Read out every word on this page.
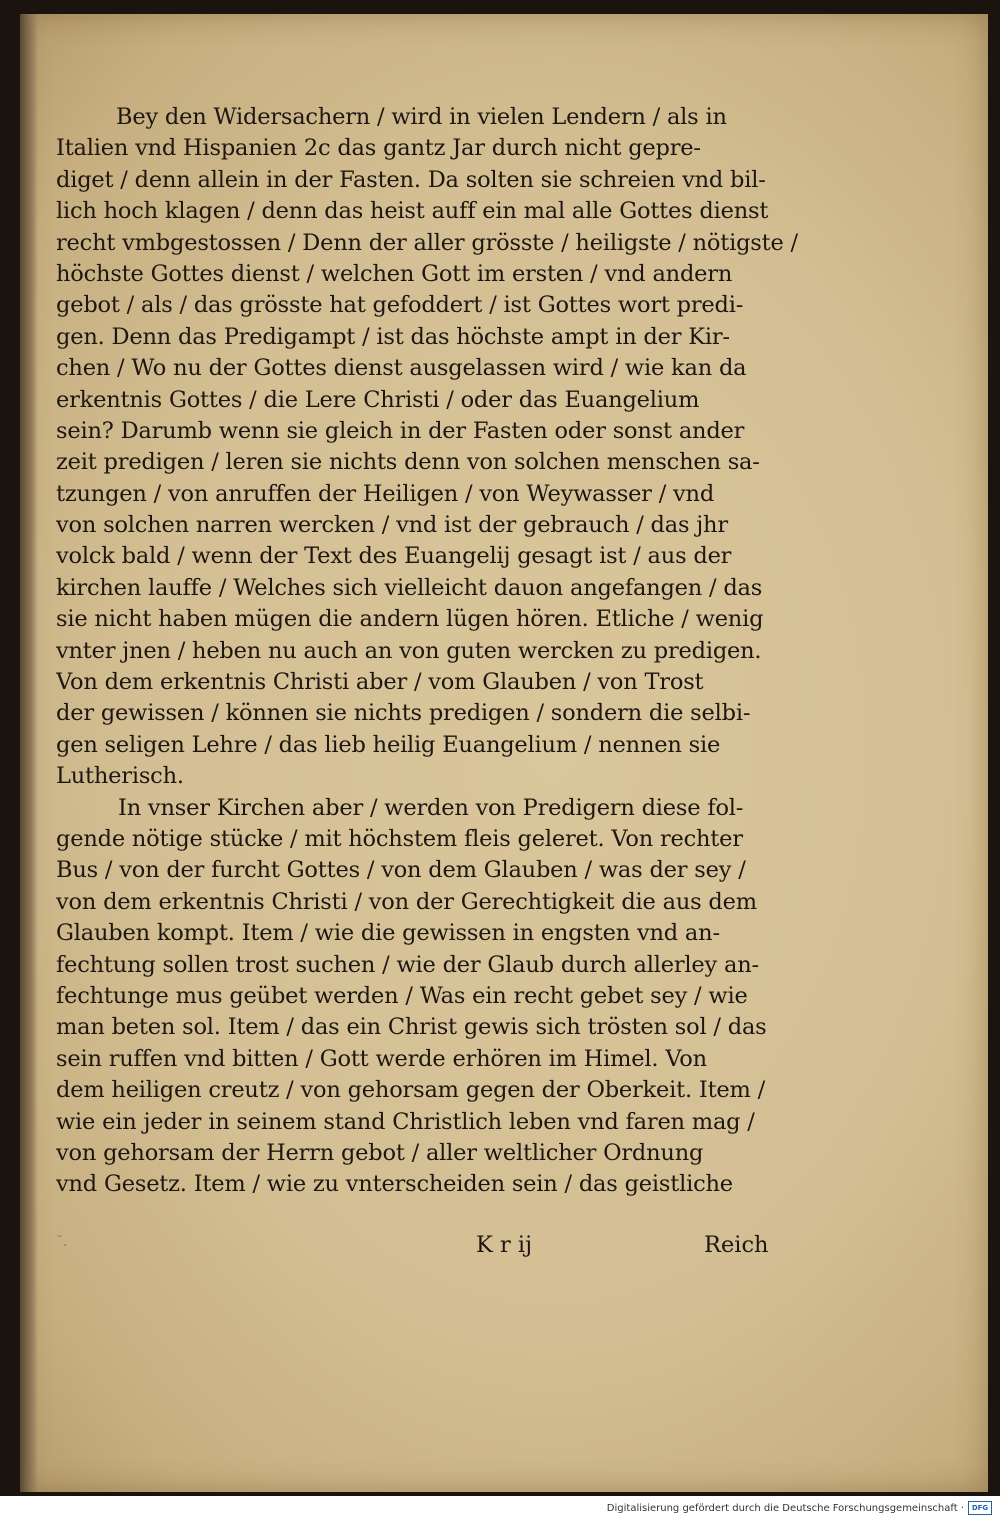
Bey den Widersachern / wird in vielen Lendern / als in
Italien vnd Hispanien 2c das gantz Jar durch nicht gepre-
diget / denn allein in der Fasten. Da solten sie schreien vnd bil-
lich hoch klagen / denn das heist auff ein mal alle Gottes dienst
recht vmbgestossen / Denn der aller grösste / heiligste / nötigste /
höchste Gottes dienst / welchen Gott im ersten / vnd andern
gebot / als / das grösste hat gefoddert / ist Gottes wort predi-
gen. Denn das Predigampt / ist das höchste ampt in der Kir-
chen / Wo nu der Gottes dienst ausgelassen wird / wie kan da
erkentnis Gottes / die Lere Christi / oder das Euangelium
sein? Darumb wenn sie gleich in der Fasten oder sonst ander
zeit predigen / leren sie nichts denn von solchen menschen sa-
tzungen / von anruffen der Heiligen / von Weywasser / vnd
von solchen narren wercken / vnd ist der gebrauch / das jhr
volck bald / wenn der Text des Euangelij gesagt ist / aus der
kirchen lauffe / Welches sich vielleicht dauon angefangen / das
sie nicht haben mügen die andern lügen hören. Etliche / wenig
vnter jnen / heben nu auch an von guten wercken zu predigen.
Von dem erkentnis Christi aber / vom Glauben / von Trost
der gewissen / können sie nichts predigen / sondern die selbi-
gen seligen Lehre / das lieb heilig Euangelium / nennen sie
Lutherisch.
In vnser Kirchen aber / werden von Predigern diese fol-
gende nötige stücke / mit höchstem fleis geleret. Von rechter
Bus / von der furcht Gottes / von dem Glauben / was der sey /
von dem erkentnis Christi / von der Gerechtigkeit die aus dem
Glauben kompt. Item / wie die gewissen in engsten vnd an-
fechtung sollen trost suchen / wie der Glaub durch allerley an-
fechtunge mus geübet werden / Was ein recht gebet sey / wie
man beten sol. Item / das ein Christ gewis sich trösten sol / das
sein ruffen vnd bitten / Gott werde erhören im Himel. Von
dem heiligen creutz / von gehorsam gegen der Oberkeit. Item /
wie ein jeder in seinem stand Christlich leben vnd faren mag /
von gehorsam der Herrn gebot / aller weltlicher Ordnung
vnd Gesetz. Item / wie zu vnterscheiden sein / das geistliche
˘.	K r ij	Reich
Digitalisierung gefördert durch die Deutsche Forschungsgemeinschaft ·	DFG
